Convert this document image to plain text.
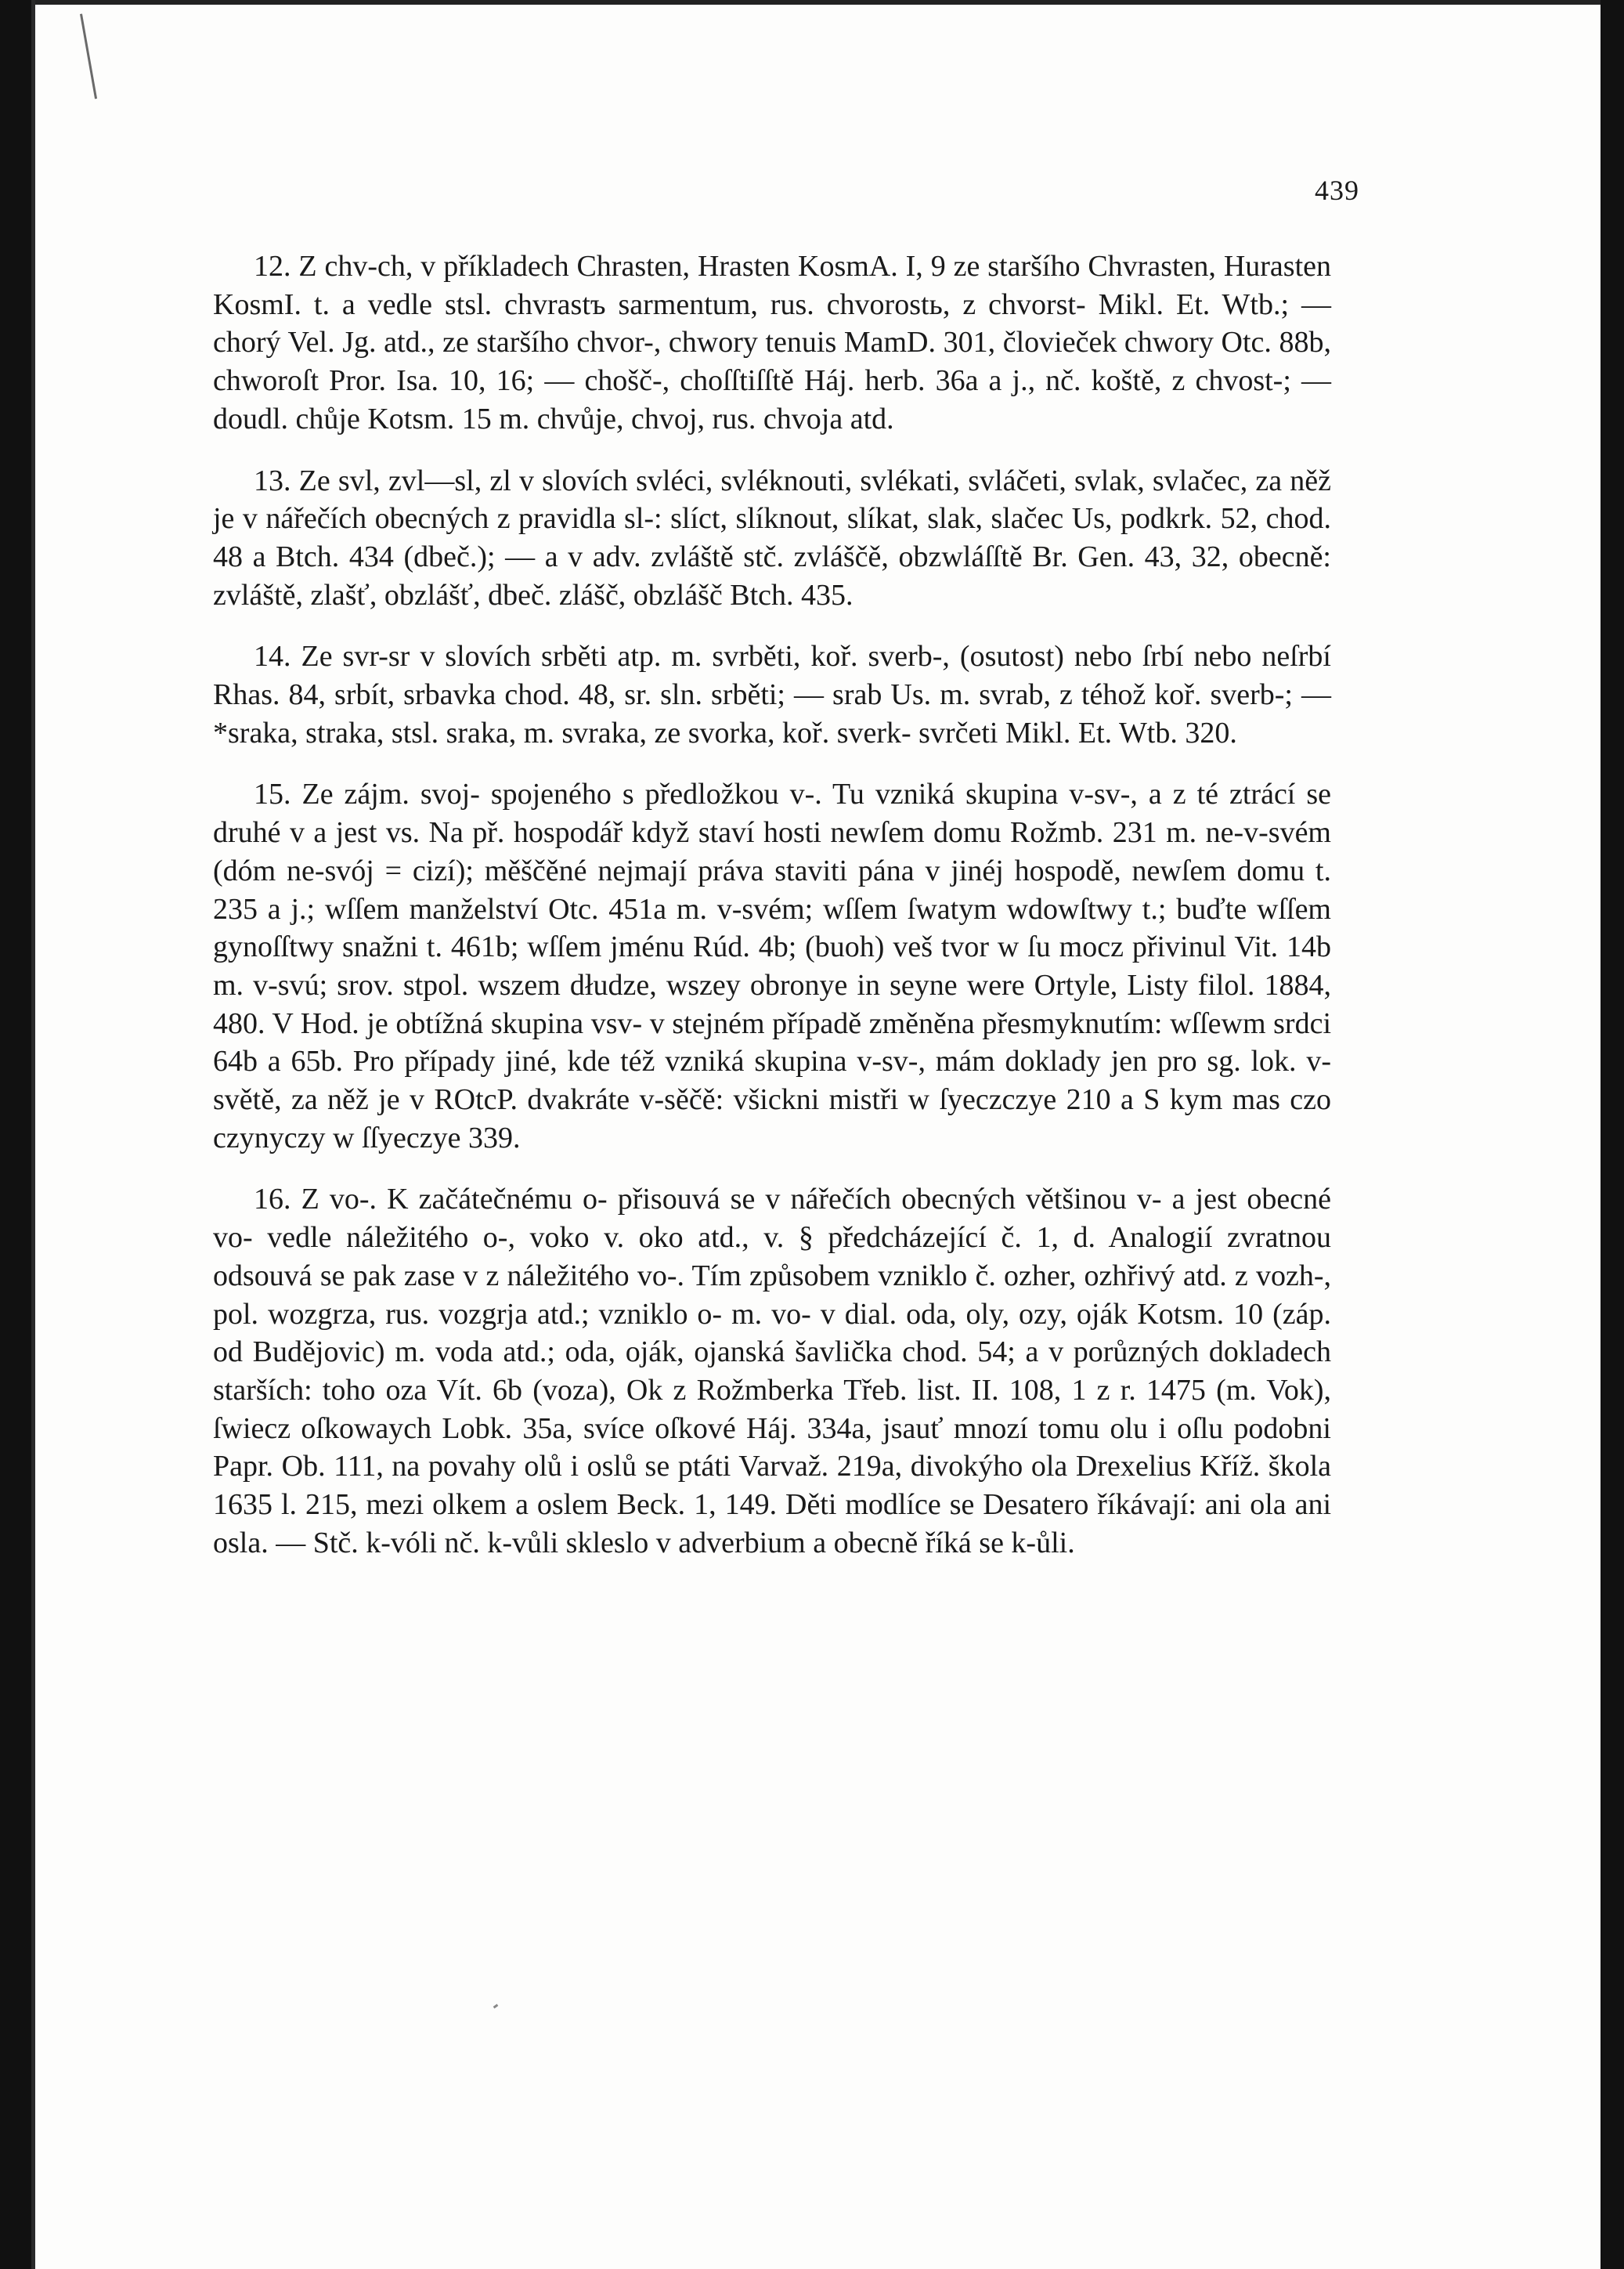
439

12. Z chv-ch, v příkladech Chrasten, Hrasten KosmA. I, 9 ze staršího Chvrasten, Hurasten KosmI. t. a vedle stsl. chvrastъ sarmentum, rus. chvorostь, z chvorst- Mikl. Et. Wtb.; — chorý Vel. Jg. atd., ze staršího chvor-, chwory tenuis MamD. 301, človieček chwory Otc. 88b, chworoſt Pror. Isa. 10, 16; — chošč-, choſſtiſſtě Háj. herb. 36a a j., nč. koště, z chvost-; — doudl. chůje Kotsm. 15 m. chvůje, chvoj, rus. chvoja atd.

13. Ze svl, zvl—sl, zl v slovích svléci, svléknouti, svlékati, svláčeti, svlak, svlačec, za něž je v nářečích obecných z pravidla sl-: slíct, slíknout, slíkat, slak, slačec Us, podkrk. 52, chod. 48 a Btch. 434 (dbeč.); — a v adv. zvláště stč. zvláščě, obzwláſſtě Br. Gen. 43, 32, obecně: zvláště, zlašť, obzlášť, dbeč. zlášč, obzlášč Btch. 435.

14. Ze svr-sr v slovích srběti atp. m. svrběti, koř. sverb-, (osutost) nebo ſrbí nebo neſrbí Rhas. 84, srbít, srbavka chod. 48, sr. sln. srběti; — srab Us. m. svrab, z téhož koř. sverb-; — *sraka, straka, stsl. sraka, m. svraka, ze svorka, koř. sverk- svrčeti Mikl. Et. Wtb. 320.

15. Ze zájm. svoj- spojeného s předložkou v-. Tu vzniká skupina v-sv-, a z té ztrácí se druhé v a jest vs. Na př. hospodář když staví hosti newſem domu Rožmb. 231 m. ne-v-svém (dóm ne-svój = cizí); měščěné nejmají práva staviti pána v jinéj hospodě, newſem domu t. 235 a j.; wſſem manželství Otc. 451a m. v-svém; wſſem ſwatym wdowſtwy t.; buďte wſſem gynoſſtwy snažni t. 461b; wſſem jménu Rúd. 4b; (buoh) veš tvor w ſu mocz přivinul Vit. 14b m. v-svú; srov. stpol. wszem dłudze, wszey obronye in seyne were Ortyle, Listy filol. 1884, 480. V Hod. je obtížná skupina vsv- v stejném případě změněna přesmyknutím: wſſewm srdci 64b a 65b. Pro případy jiné, kde též vzniká skupina v-sv-, mám doklady jen pro sg. lok. v-světě, za něž je v ROtcP. dvakráte v-sěčě: všickni mistři w ſyeczczye 210 a S kym mas czo czynyczy w ſſyeczye 339.

16. Z vo-. K začátečnému o- přisouvá se v nářečích obecných většinou v- a jest obecné vo- vedle náležitého o-, voko v. oko atd., v. § předcházející č. 1, d. Analogií zvratnou odsouvá se pak zase v z náležitého vo-. Tím způsobem vzniklo č. ozher, ozhřivý atd. z vozh-, pol. wozgrza, rus. vozgrja atd.; vzniklo o- m. vo- v dial. oda, oly, ozy, oják Kotsm. 10 (záp. od Budějovic) m. voda atd.; oda, oják, ojanská šavlička chod. 54; a v porůzných dokladech starších: toho oza Vít. 6b (voza), Ok z Rožmberka Třeb. list. II. 108, 1 z r. 1475 (m. Vok), ſwiecz oſkowaych Lobk. 35a, svíce oſkové Háj. 334a, jsauť mnozí tomu olu i oſlu podobni Papr. Ob. 111, na povahy olů i oslů se ptáti Varvaž. 219a, divokýho ola Drexelius Kříž. škola 1635 l. 215, mezi olkem a oslem Beck. 1, 149. Děti modlíce se Desatero říkávají: ani ola ani osla. — Stč. k-vóli nč. k-vůli skleslo v adverbium a obecně říká se k-ůli.
